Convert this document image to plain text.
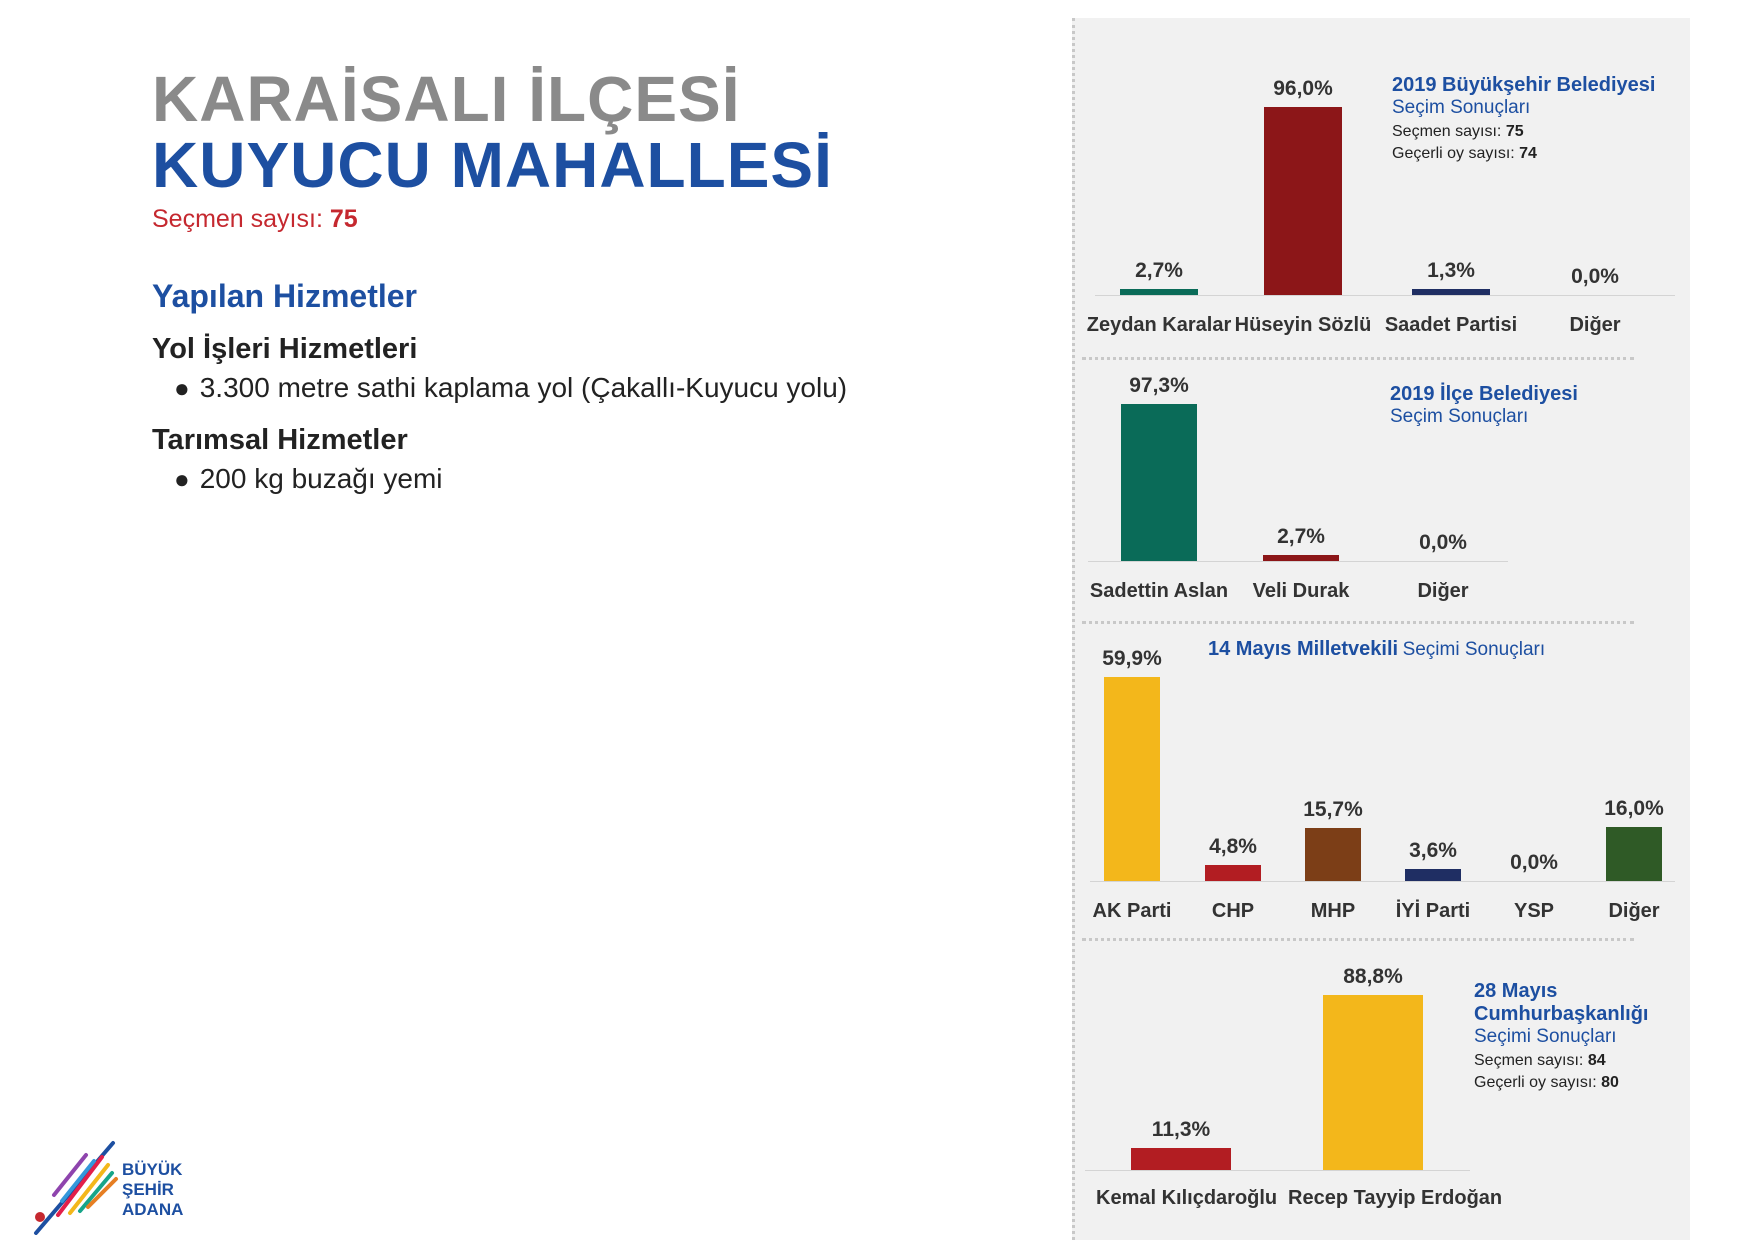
KARAİSALI İLÇESİ
KUYUCU MAHALLESİ
Seçmen sayısı: 75
Yapılan Hizmetler
Yol İşleri Hizmetleri
● 3.300 metre sathi kaplama yol (Çakallı-Kuyucu yolu)
Tarımsal Hizmetler
● 200 kg buzağı yemi
BÜYÜK
ŞEHİR
ADANA
2019 Büyükşehir Belediyesi
Seçim Sonuçları
Seçmen sayısı: 75
Geçerli oy sayısı: 74
2019 İlçe Belediyesi
Seçim Sonuçları
14 Mayıs Milletvekili Seçimi Sonuçları
28 Mayıs
Cumhurbaşkanlığı
Seçimi Sonuçları
Seçmen sayısı: 84
Geçerli oy sayısı: 80
2,7%
Zeydan Karalar
96,0%
Hüseyin Sözlü
1,3%
Saadet Partisi
0,0%
Diğer
97,3%
Sadettin Aslan
2,7%
Veli Durak
0,0%
Diğer
59,9%
AK Parti
4,8%
CHP
15,7%
MHP
3,6%
İYİ Parti
0,0%
YSP
16,0%
Diğer
11,3%
Kemal Kılıçdaroğlu
88,8%
Recep Tayyip Erdoğan
